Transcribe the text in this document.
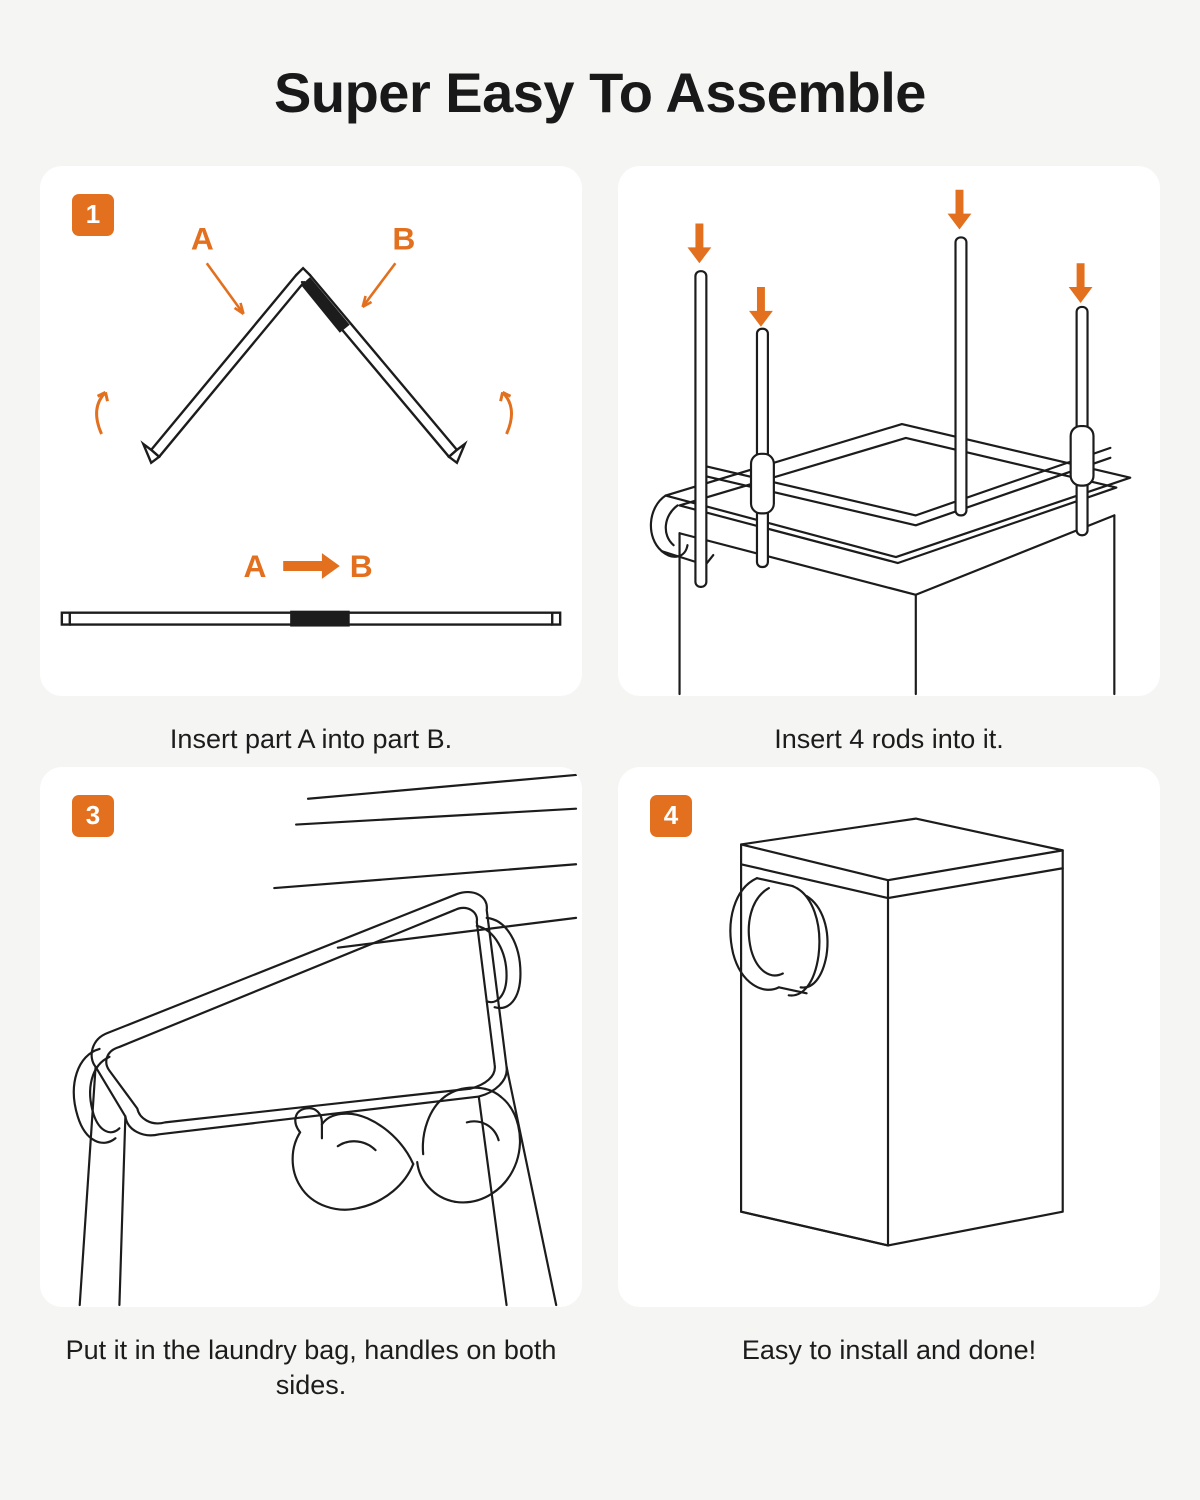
Super Easy To Assemble
1
A	B
A	B
Insert part A into part B.	Insert 4 rods into it.
3
Put it in the laundry bag, handles on both sides.
4
Easy to install and done!
